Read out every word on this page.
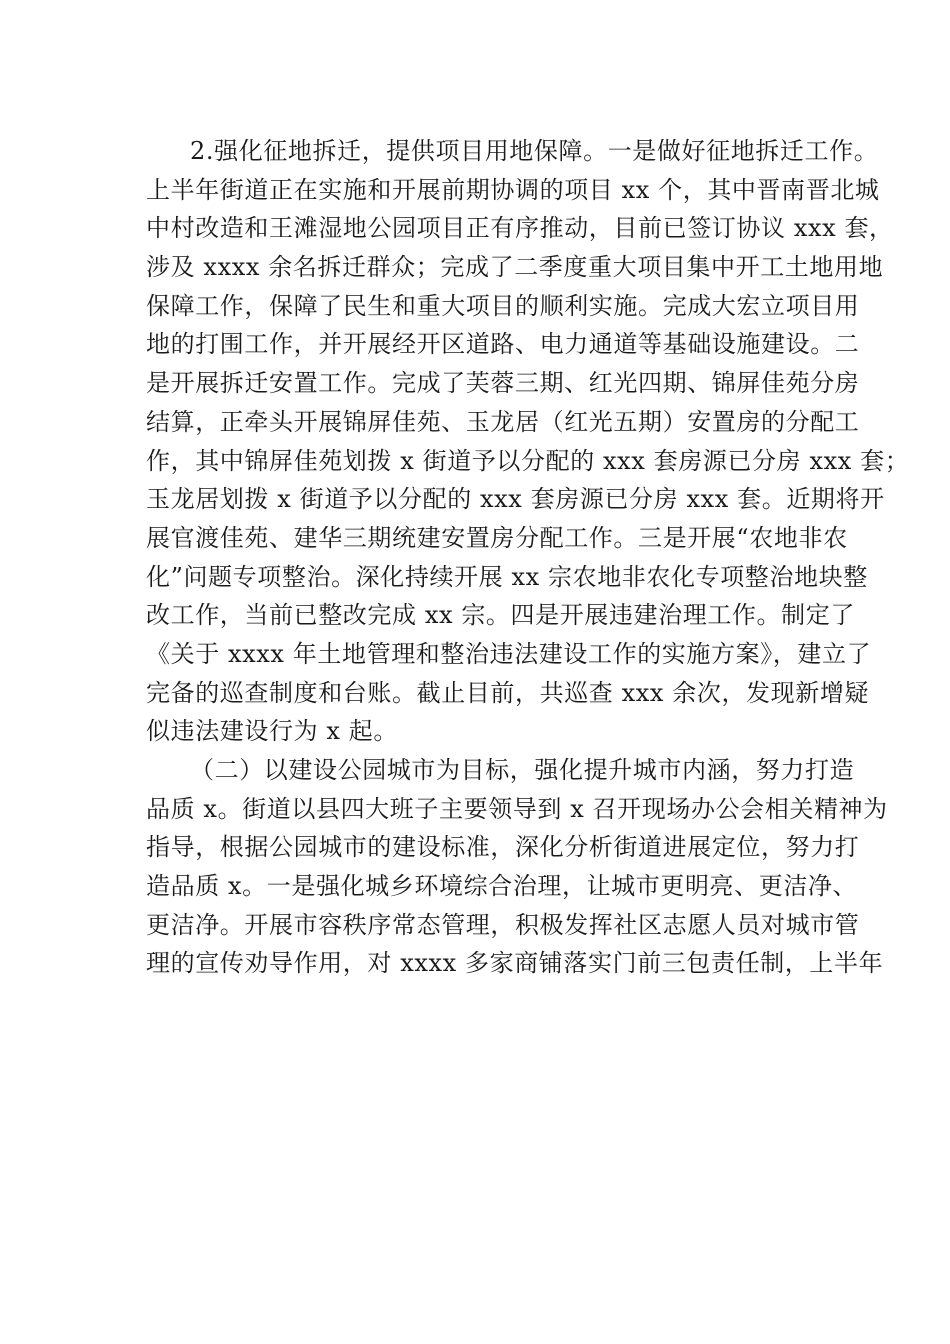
2.强化征地拆迁，提供项目用地保障。一是做好征地拆迁工作。
上半年街道正在实施和开展前期协调的项目 xx 个，其中晋南晋北城
中村改造和王滩湿地公园项目正有序推动，目前已签订协议 xxx 套，
涉及 xxxx 余名拆迁群众；完成了二季度重大项目集中开工土地用地
保障工作，保障了民生和重大项目的顺利实施。完成大宏立项目用
地的打围工作，并开展经开区道路、电力通道等基础设施建设。二
是开展拆迁安置工作。完成了芙蓉三期、红光四期、锦屏佳苑分房
结算，正牵头开展锦屏佳苑、玉龙居（红光五期）安置房的分配工
作，其中锦屏佳苑划拨 x 街道予以分配的 xxx 套房源已分房 xxx 套；
玉龙居划拨 x 街道予以分配的 xxx 套房源已分房 xxx 套。近期将开
展官渡佳苑、建华三期统建安置房分配工作。三是开展“农地非农
化”问题专项整治。深化持续开展 xx 宗农地非农化专项整治地块整
改工作，当前已整改完成 xx 宗。四是开展违建治理工作。制定了
《关于 xxxx 年土地管理和整治违法建设工作的实施方案》，建立了
完备的巡查制度和台账。截止目前，共巡查 xxx 余次，发现新增疑
似违法建设行为 x 起。
（二）以建设公园城市为目标，强化提升城市内涵，努力打造
品质 x。街道以县四大班子主要领导到 x 召开现场办公会相关精神为
指导，根据公园城市的建设标准，深化分析街道进展定位，努力打
造品质 x。一是强化城乡环境综合治理，让城市更明亮、更洁净、
更洁净。开展市容秩序常态管理，积极发挥社区志愿人员对城市管
理的宣传劝导作用，对 xxxx 多家商铺落实门前三包责任制，上半年
